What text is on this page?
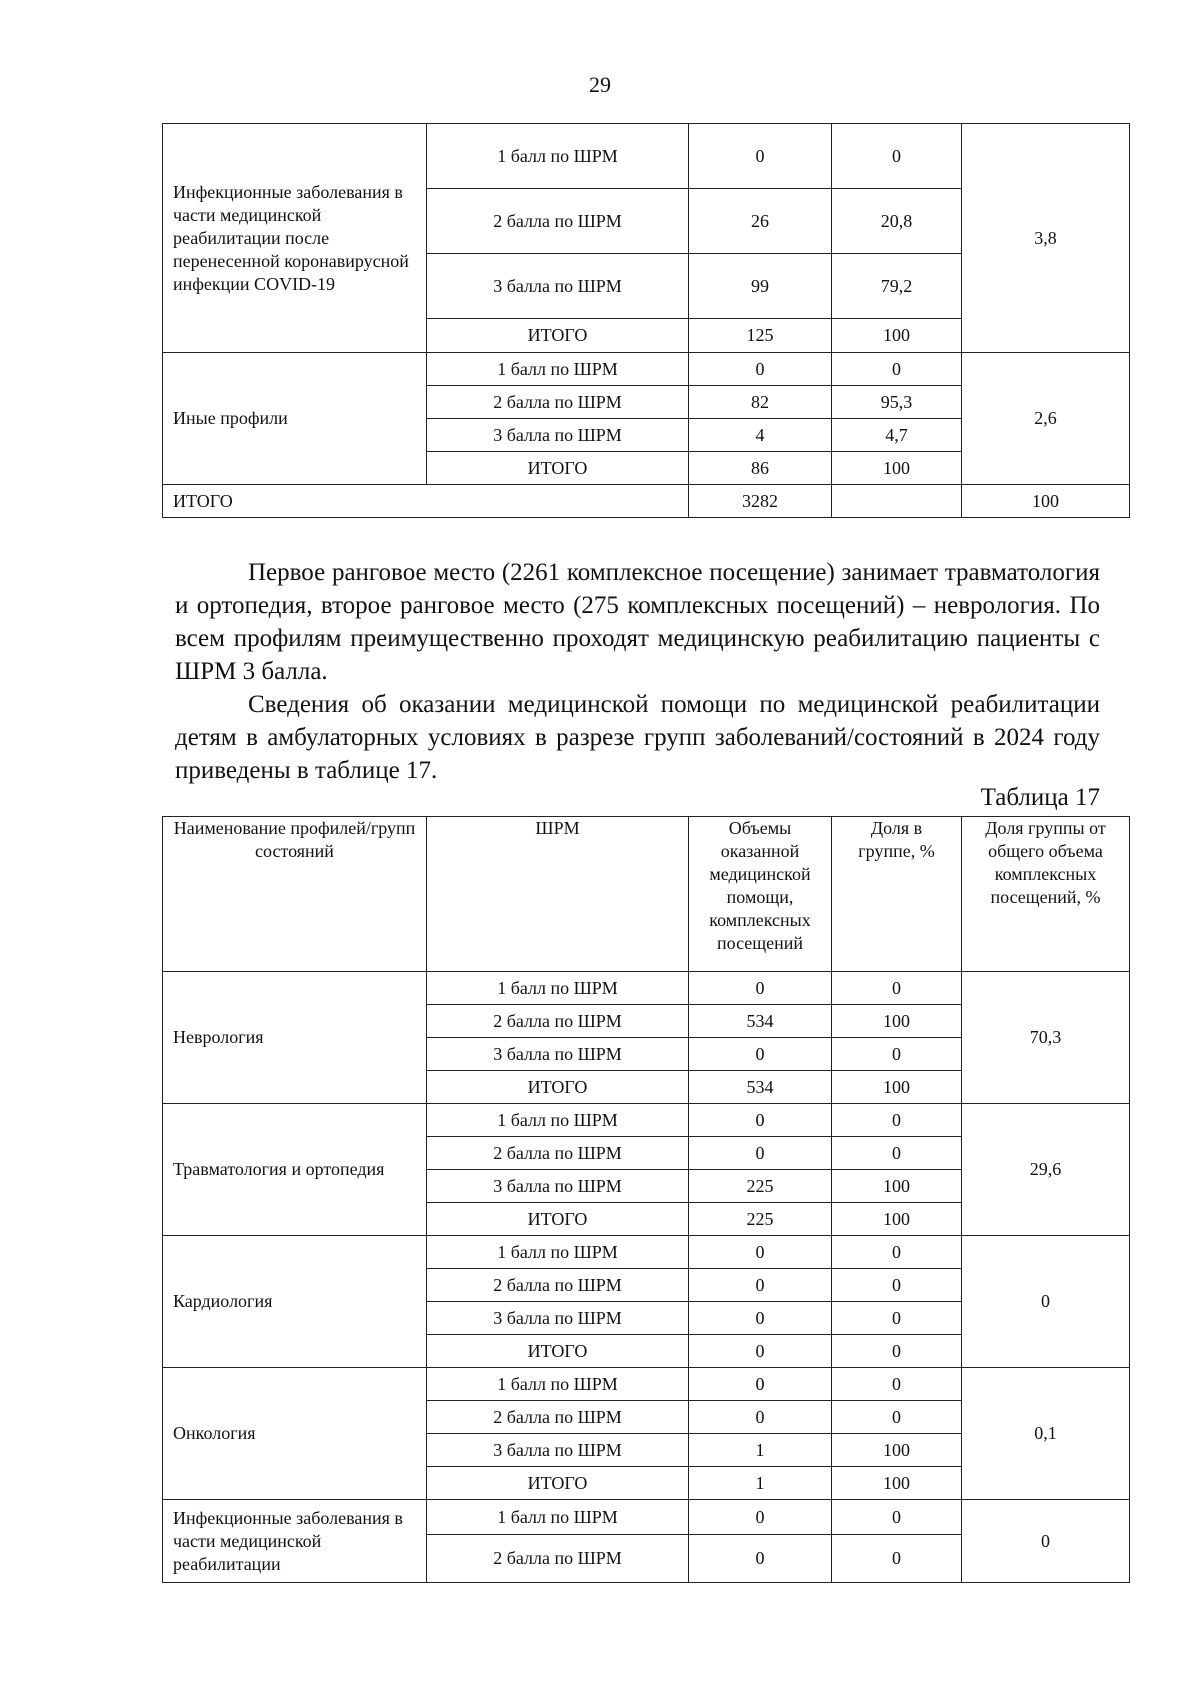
29
Инфекционные заболевания в части медицинской реабилитации после перенесенной коронавирусной инфекции COVID-19	1 балл по ШРМ	0	0	3,8
	2 балла по ШРМ	26	20,8	
	3 балла по ШРМ	99	79,2	
	ИТОГО	125	100	
Иные профили	1 балл по ШРМ	0	0	2,6
	2 балла по ШРМ	82	95,3	
	3 балла по ШРМ	4	4,7	
	ИТОГО	86	100	
ИТОГО		3282		100

Первое ранговое место (2261 комплексное посещение) занимает травматология и ортопедия, второе ранговое место (275 комплексных посещений) – неврология. По всем профилям преимущественно проходят медицинскую реабилитацию пациенты с ШРМ 3 балла.

Сведения об оказании медицинской помощи по медицинской реабилитации детям в амбулаторных условиях в разрезе групп заболеваний/состояний в 2024 году приведены в таблице 17.

Таблица 17
Наименование профилей/групп состояний	ШРМ	Объемы оказанной медицинской помощи, комплексных посещений	Доля в группе, %	Доля группы от общего объема комплексных посещений, %
Неврология	1 балл по ШРМ	0	0	70,3
	2 балла по ШРМ	534	100	
	3 балла по ШРМ	0	0	
	ИТОГО	534	100	
Травматология и ортопедия	1 балл по ШРМ	0	0	29,6
	2 балла по ШРМ	0	0	
	3 балла по ШРМ	225	100	
	ИТОГО	225	100	
Кардиология	1 балл по ШРМ	0	0	0
	2 балла по ШРМ	0	0	
	3 балла по ШРМ	0	0	
	ИТОГО	0	0	
Онкология	1 балл по ШРМ	0	0	0,1
	2 балла по ШРМ	0	0	
	3 балла по ШРМ	1	100	
	ИТОГО	1	100	
Инфекционные заболевания в части медицинской реабилитации	1 балл по ШРМ	0	0	0
	2 балла по ШРМ	0	0	
